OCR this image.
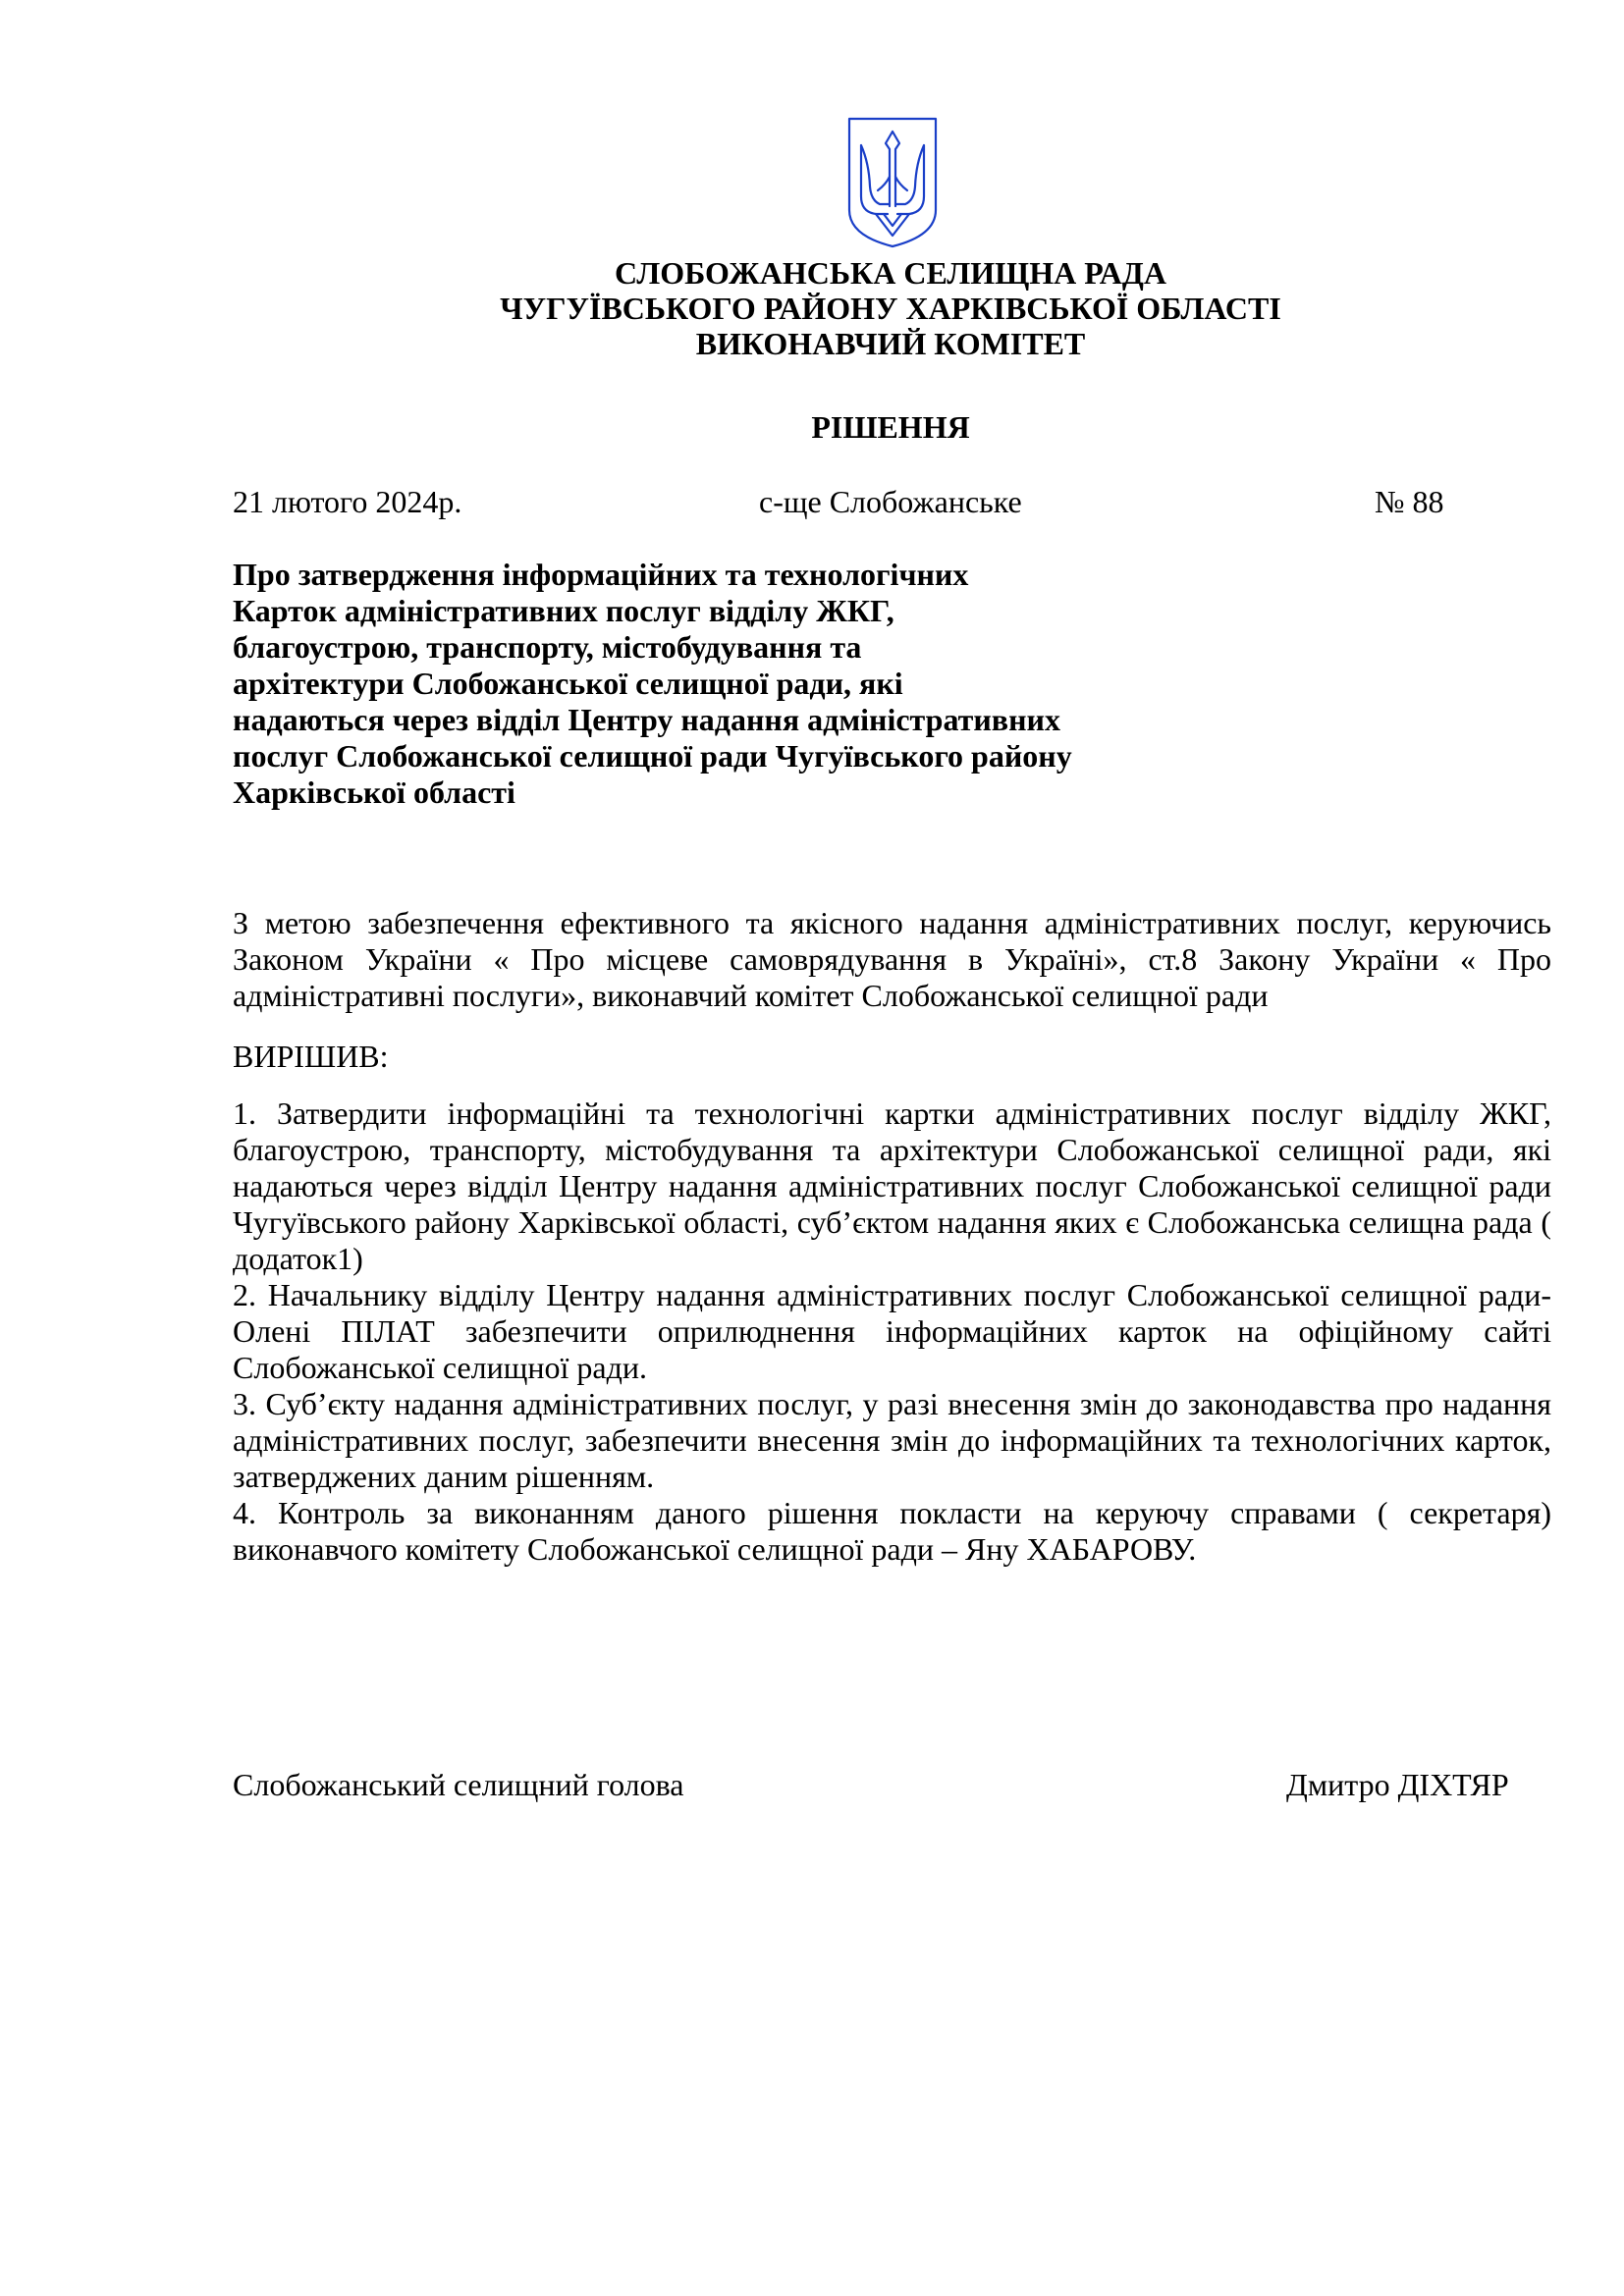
СЛОБОЖАНСЬКА СЕЛИЩНА РАДА
ЧУГУЇВСЬКОГО РАЙОНУ ХАРКІВСЬКОЇ ОБЛАСТІ
ВИКОНАВЧИЙ КОМІТЕТ
РІШЕННЯ
21 лютого 2024р.	с-ще Слобожанське	№ 88
Про затвердження інформаційних та технологічних
Карток адміністративних послуг відділу ЖКГ,
благоустрою, транспорту, містобудування та
архітектури Слобожанської селищної ради, які
надаються через відділ Центру надання адміністративних
послуг Слобожанської селищної ради Чугуївського району
Харківської області
З метою забезпечення ефективного та якісного надання адміністративних послуг, керуючись Законом України « Про місцеве самоврядування в Україні», ст.8 Закону України « Про адміністративні послуги», виконавчий комітет Слобожанської селищної ради
ВИРІШИВ:

1. Затвердити інформаційні та технологічні картки адміністративних послуг відділу ЖКГ, благоустрою, транспорту, містобудування та архітектури Слобожанської селищної ради, які надаються через відділ Центру надання адміністративних послуг Слобожанської селищної ради Чугуївського району Харківської області, суб’єктом надання яких є Слобожанська селищна рада ( додаток1)

2. Начальнику відділу Центру надання адміністративних послуг Слобожанської селищної ради- Олені ПІЛАТ забезпечити оприлюднення інформаційних карток на офіційному сайті Слобожанської селищної ради.

3. Суб’єкту надання адміністративних послуг, у разі внесення змін до законодавства про надання адміністративних послуг, забезпечити внесення змін до інформаційних та технологічних карток, затверджених даним рішенням.

4. Контроль за виконанням даного рішення покласти на керуючу справами ( секретаря) виконавчого комітету Слобожанської селищної ради – Яну ХАБАРОВУ.

Слобожанський селищний голова	Дмитро ДІХТЯР
